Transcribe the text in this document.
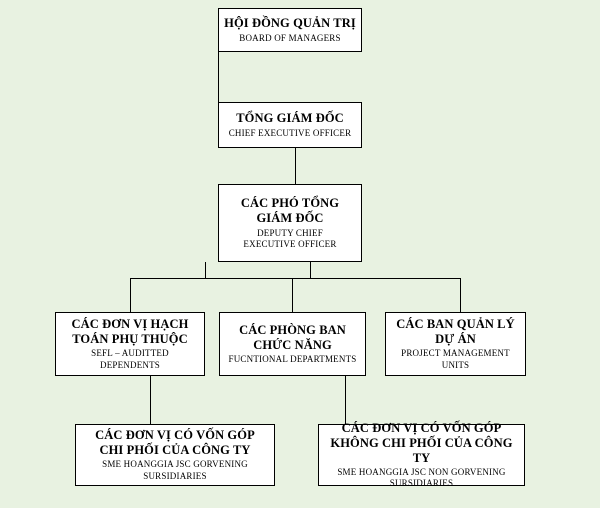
HỘI ĐỒNG QUẢN TRỊ
BOARD OF MANAGERS
TỔNG GIÁM ĐỐC
CHIEF EXECUTIVE OFFICER
CÁC PHÓ TỔNG GIÁM ĐỐC
DEPUTY CHIEF EXECUTIVE OFFICER
CÁC ĐƠN VỊ HẠCH TOÁN PHỤ THUỘC
SEFL – AUDITTED DEPENDENTS
CÁC PHÒNG BAN CHỨC NĂNG
FUCNTIONAL DEPARTMENTS
CÁC BAN QUẢN LÝ DỰ ÁN
PROJECT MANAGEMENT UNITS
CÁC ĐƠN VỊ CÓ VỐN GÓP CHI PHỐI CỦA CÔNG TY
SME HOANGGIA JSC GORVENING SURSIDIARIES
CÁC ĐƠN VỊ CÓ VỐN GÓP KHÔNG CHI PHỐI CỦA CÔNG TY
SME HOANGGIA JSC NON GORVENING SURSIDIARIES
